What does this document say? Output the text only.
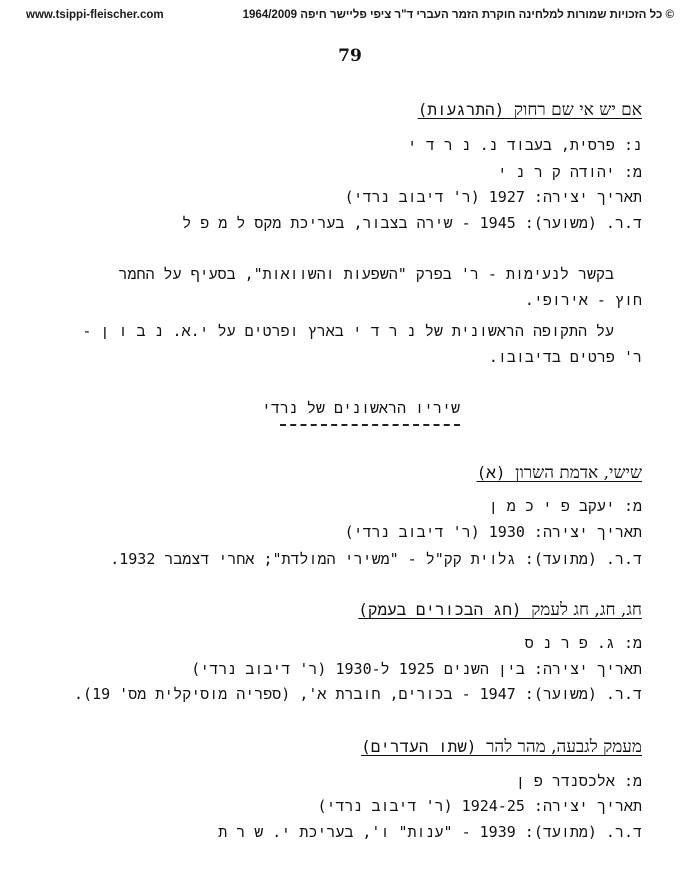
www.tsippi-fleischer.com	© כל הזכויות שמורות למלחינה חוקרת הזמר העברי ד"ר ציפי פליישר חיפה 1964/2009
79
אם יש אי שם רחוק (התרגעות)
נ: פרסית, בעבוד נ. נ ר ד י
מ: יהודה ק ר נ י
תאריך יצירה: 1927 (ר' דיבוב נרדי)
ד.ר. (משוער): 1945 - שירה בצבור, בעריכת מקס ל מ פ ל
בקשר לנעימות - ר' בפרק "השפעות והשוואות", בסעיף על החמר
חוץ - אירופי.
על התקופה הראשונית של נ ר ד י בארץ ופרטים על י.א. נ ב ו ן -
ר' פרטים בדיבובו.
שיריו הראשונים של נרדי
שישי, אדמת השרון (א)
מ: יעקב פ י כ מ ן
תאריך יצירה: 1930 (ר' דיבוב נרדי)
ד.ר. (מתועד): גלוית קק"ל - "משירי המולדת"; אחרי דצמבר 1932.
חג, חג, חג לעמק (חג הבכורים בעמק)
מ: ג. פ ר נ ס
תאריך יצירה: בין השנים 1925 ל-1930 (ר' דיבוב נרדי)
ד.ר. (משוער): 1947 - בכורים, חוברת א', (ספריה מוסיקלית מס' 19).
מעמק לגבעה, מהר להר (שתו העדרים)
מ: אלכסנדר פ ן
תאריך יצירה: 1924-25 (ר' דיבוב נרדי)
ד.ר. (מתועד): 1939 - "ענות" ו', בעריכת י. ש ר ת
